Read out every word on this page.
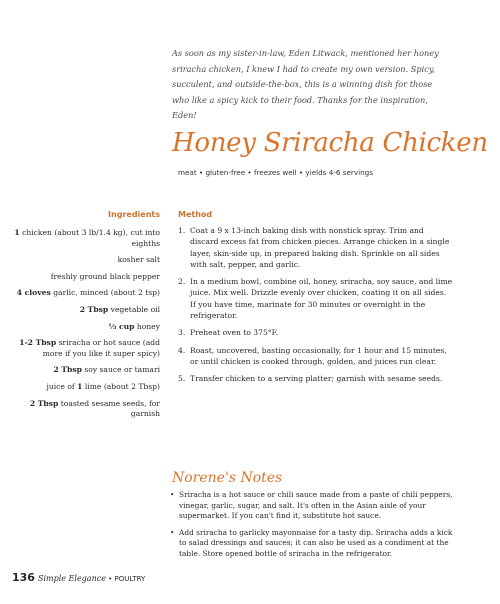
As soon as my sister-in-law, Eden Litwack, mentioned her honey sriracha chicken, I knew I had to create my own version. Spicy, succulent, and outside-the-box, this is a winning dish for those who like a spicy kick to their food. Thanks for the inspiration, Eden!

Honey Sriracha Chicken
meat • gluten-free • freezes well • yields 4-6 servings
Ingredients Method
1 chicken (about 3 lb/1.4 kg), cut into eighths
kosher salt
freshly ground black pepper
4 cloves garlic, minced (about 2 tsp)
2 Tbsp vegetable oil
⅓ cup honey
1-2 Tbsp sriracha or hot sauce (add more if you like it super spicy)
2 Tbsp soy sauce or tamari
juice of 1 lime (about 2 Tbsp)
2 Tbsp toasted sesame seeds, for garnish
1. Coat a 9 x 13-inch baking dish with nonstick spray. Trim and discard excess fat from chicken pieces. Arrange chicken in a single layer, skin-side up, in prepared baking dish. Sprinkle on all sides with salt, pepper, and garlic.
2. In a medium bowl, combine oil, honey, sriracha, soy sauce, and lime juice. Mix well. Drizzle evenly over chicken, coating it on all sides. If you have time, marinate for 30 minutes or overnight in the refrigerator.
3. Preheat oven to 375°F.
4. Roast, uncovered, basting occasionally, for 1 hour and 15 minutes, or until chicken is cooked through, golden, and juices run clear.
5. Transfer chicken to a serving platter; garnish with sesame seeds.
Norene's Notes
• Sriracha is a hot sauce or chili sauce made from a paste of chili peppers, vinegar, garlic, sugar, and salt. It's often in the Asian aisle of your supermarket. If you can't find it, substitute hot sauce.
• Add sriracha to garlicky mayonnaise for a tasty dip. Sriracha adds a kick to salad dressings and sauces; it can also be used as a condiment at the table. Store opened bottle of sriracha in the refrigerator.
136 Simple Elegance • POULTRY
